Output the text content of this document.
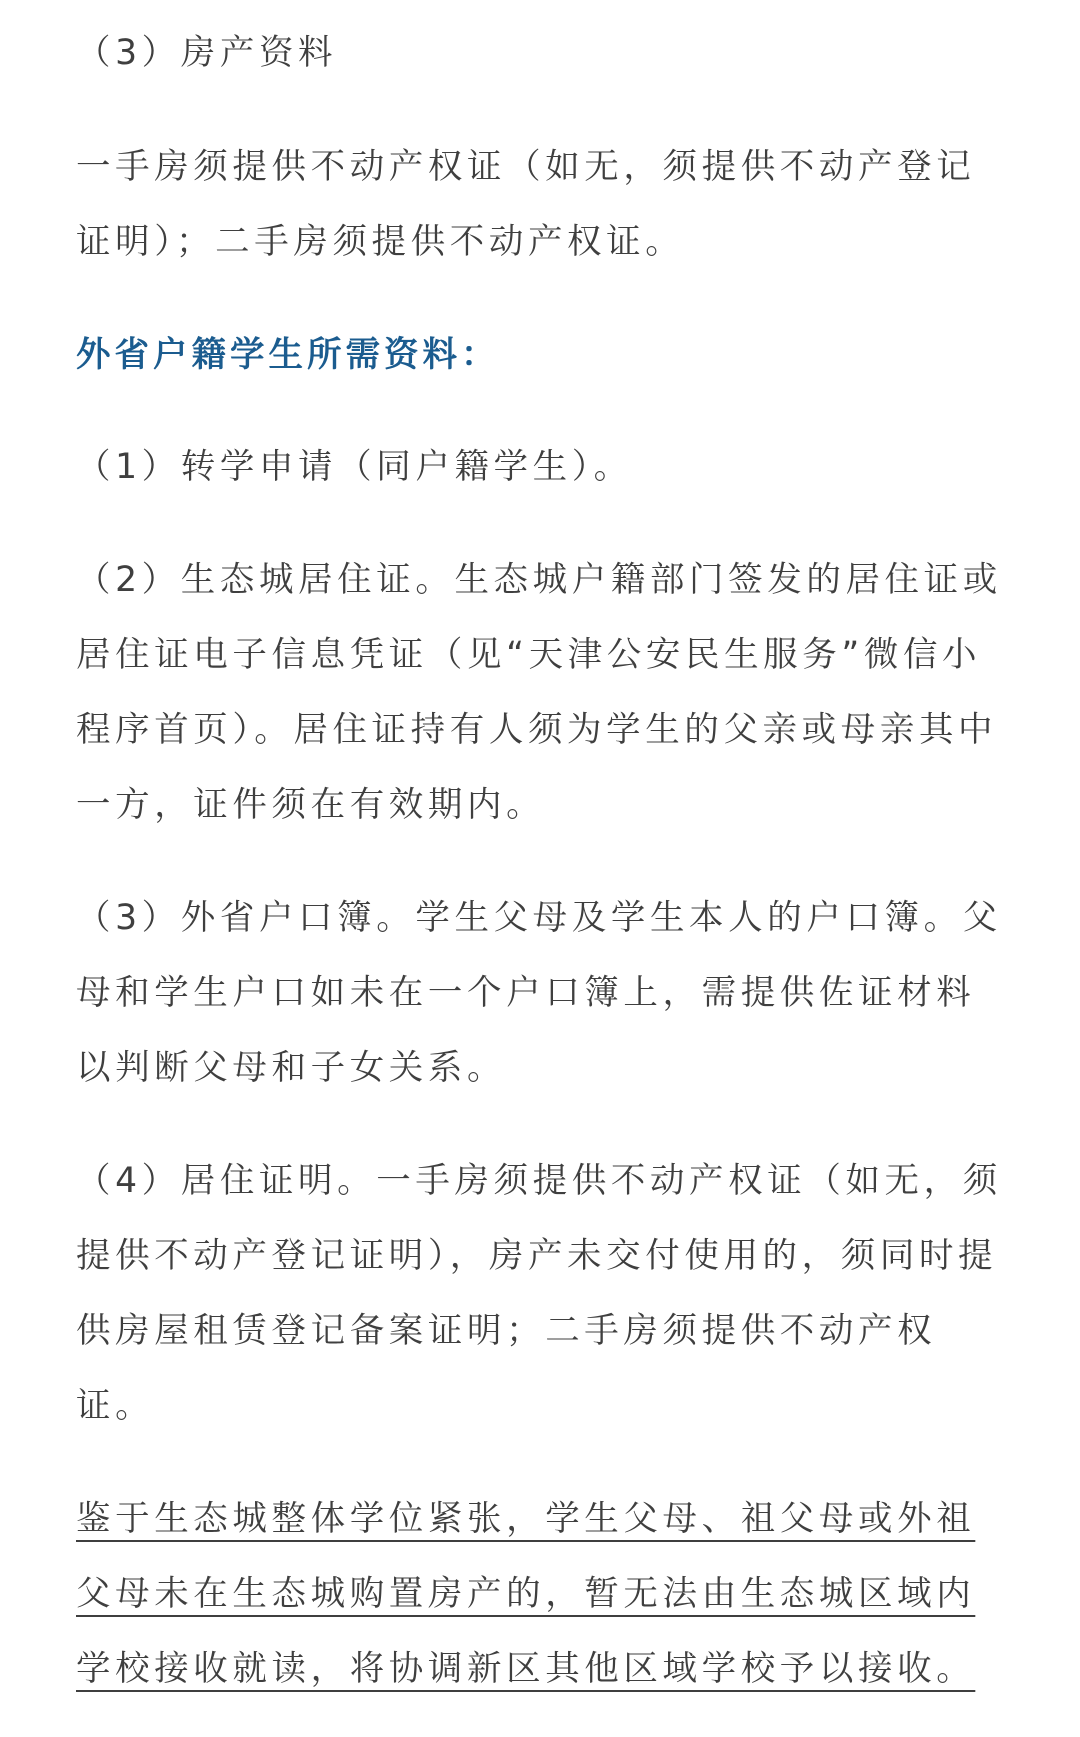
（3）房产资料

一手房须提供不动产权证（如无，须提供不动产登记证明）；二手房须提供不动产权证。

外省户籍学生所需资料：

（1）转学申请（同户籍学生）。

（2）生态城居住证。生态城户籍部门签发的居住证或居住证电子信息凭证（见“天津公安民生服务”微信小程序首页）。居住证持有人须为学生的父亲或母亲其中一方，证件须在有效期内。

（3）外省户口簿。学生父母及学生本人的户口簿。父母和学生户口如未在一个户口簿上，需提供佐证材料以判断父母和子女关系。

（4）居住证明。一手房须提供不动产权证（如无，须提供不动产登记证明），房产未交付使用的，须同时提供房屋租赁登记备案证明；二手房须提供不动产权证。

鉴于生态城整体学位紧张，学生父母、祖父母或外祖父母未在生态城购置房产的，暂无法由生态城区域内学校接收就读，将协调新区其他区域学校予以接收。
